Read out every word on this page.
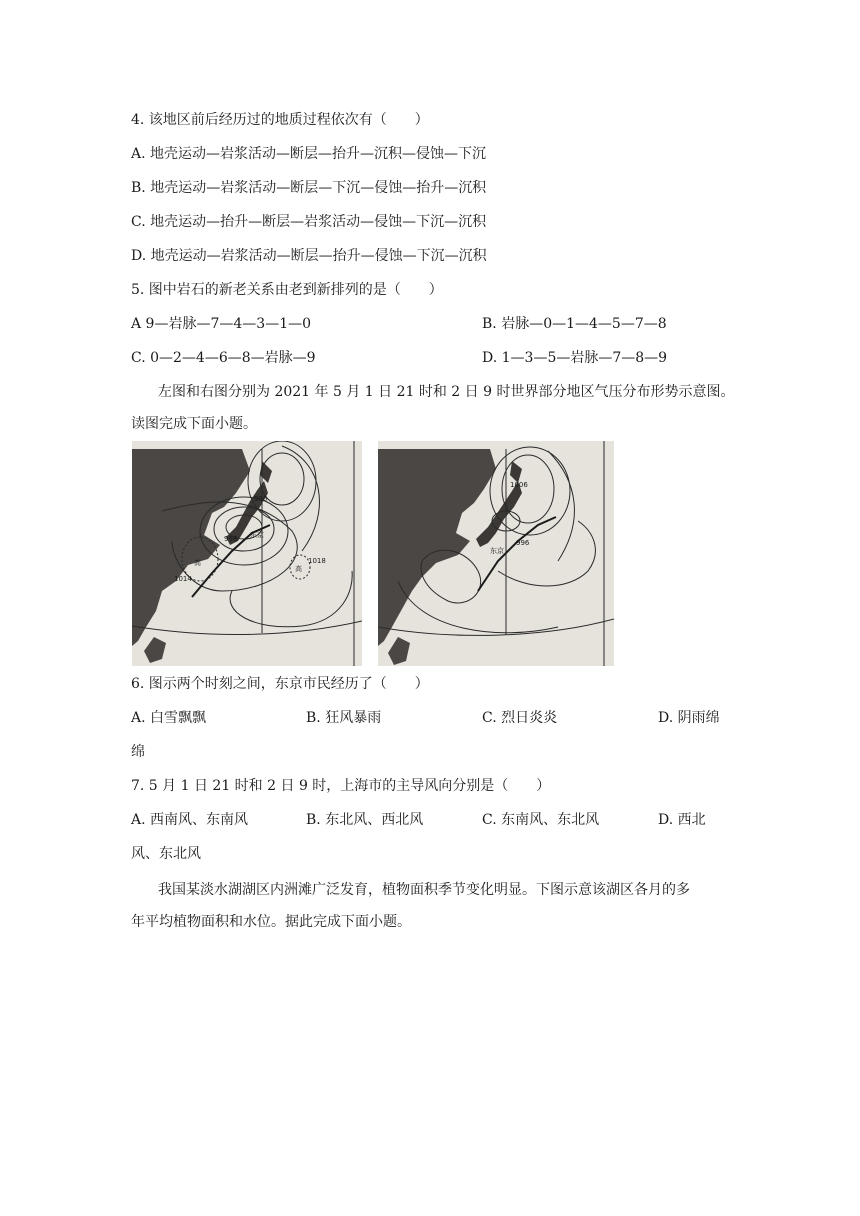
4. 该地区前后经历过的地质过程依次有（　　）
A. 地壳运动—岩浆活动—断层—抬升—沉积—侵蚀—下沉
B. 地壳运动—岩浆活动—断层—下沉—侵蚀—抬升—沉积
C. 地壳运动—抬升—断层—岩浆活动—侵蚀—下沉—沉积
D. 地壳运动—岩浆活动—断层—抬升—侵蚀—下沉—沉积
5. 图中岩石的新老关系由老到新排列的是（　　）
A 9—岩脉—7—4—3—1—0	B. 岩脉—0—1—4—5—7—8
C. 0—2—4—6—8—岩脉—9	D. 1—3—5—岩脉—7—8—9
左图和右图分别为 2021 年 5 月 1 日 21 时和 2 日 9 时世界部分地区气压分布形势示意图。
读图完成下面小题。
996
998 东京
1014
1018
高
高
1006
996
东京
6. 图示两个时刻之间，东京市民经历了（　　）
A. 白雪飘飘	B. 狂风暴雨	C. 烈日炎炎	D. 阴雨绵
绵
7. 5 月 1 日 21 时和 2 日 9 时，上海市的主导风向分别是（　　）
A. 西南风、东南风	B. 东北风、西北风	C. 东南风、东北风	D. 西北
风、东北风
我国某淡水湖湖区内洲滩广泛发育，植物面积季节变化明显。下图示意该湖区各月的多
年平均植物面积和水位。据此完成下面小题。
